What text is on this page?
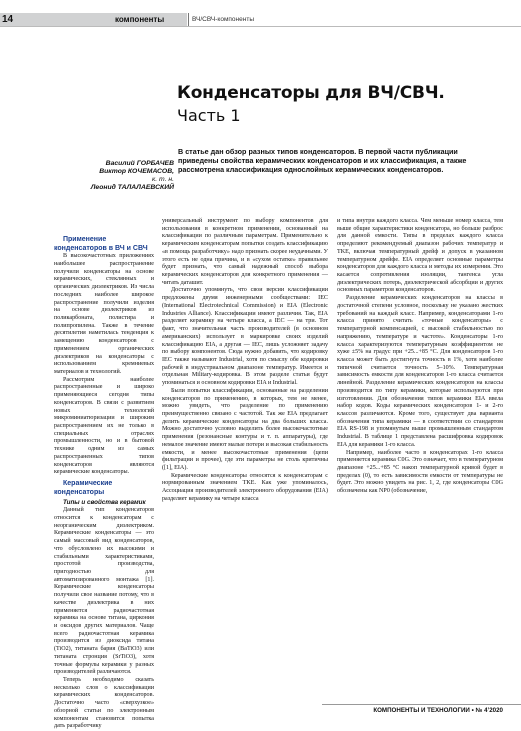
14	компоненты	ВЧ/СВЧ-компоненты
Конденсаторы для ВЧ/СВЧ.
Часть 1
Василий ГОРБАЧЕВ
Виктор КОЧЕМАСОВ,
к. т. н.
Леонид ТАЛАЛАЕВСКИЙ
В статье дан обзор разных типов конденсаторов. В первой части публикации приведены свойства керамических конденсаторов и их классификация, а также рассмотрена классификация однослойных керамических конденсаторов.

Применение конденсаторов в ВЧ и СВЧ

В высокочастотных приложениях наибольшее распространение получили конденсаторы на основе керамических, стеклянных и органических диэлектриков. Из числа последних наиболее широкое распространение получили изделия на основе диэлектриков из поликарбоната, полистира и полипропилена. Также в течение десятилетия наметилась тенденция к замещению конденсаторов с применением органических диэлектриков на конденсаторы с использованием кремниевых материалов и технологий.

Рассмотрим наиболее распространенные и широко применяющиеся сегодня типы конденсаторов. В связи с развитием новых технологий микроминиатюризации и широким распространением их не только в специальных отраслях промышленности, но и в бытовой технике одним из самых распространенных типов конденсаторов являются керамические конденсаторы.

Керамические конденсаторы

Типы и свойства керамик

Данный тип конденсаторов относится к конденсаторам с неорганическим диэлектриком. Керамические конденсаторы — это самый массовый вид конденсаторов, что обусловлено их высокими и стабильными характеристиками, простотой производства, пригодностью для автоматизированного монтажа [1]. Керамические конденсаторы получили свое название потому, что в качестве диэлектрика в них применяется радиочастотная керамика на основе титана, циркония и оксидов других материалов. Чаще всего радиочастотная керамика производится из диоксида титана (TiO2), титаната бария (BaTiO3) или титаната стронция (SrTiO3), хотя точные формулы керамики у разных производителей различаются.

Теперь необходимо сказать несколько слов о классификации керамических конденсаторов. Достаточно часто «сверхузкое» обзорной статьи по электронным компонентам становится попытка дать разработчику

универсальный инструмент по выбору компонентов для использования в конкретном применении, основанный на классификации по различным параметрам. Применительно к керамическим конденсаторам попытки создать классификацию «в помощь разработчику» надо признать скорее неудачными. У этого есть не одна причина, и в «сухом остатке» правильнее будет признать, что самый надежный способ выбора керамических конденсаторов для конкретного применения — читать даташит.

Достаточно упомянуть, что свои версии классификации предложены двумя инженерными сообществами: IEC (International Electrotechnical Commission) и EIA (Electronic Industries Alliance). Классификации имеют различия. Так, EIA разделяет керамику на четыре класса, а IEC — на три. Тот факт, что значительная часть производителей (в основном американских) использует в маркировке своих изделий классификацию EIA, а другая — IEC, лишь усложняет задачу по выбору компонентов. Сюда нужно добавить, что кодировку IEC также называют Industrial, хотя по смыслу обе кодировки рабочей в индустриальном диапазоне температур. Имеется и отдельная Military-кодировка. В этом разделе статьи будут упоминаться и основном кодировки EIA и Industrial.

Были попытки классификации, основанные на разделении конденсаторов по применению, в которых, тем не менее, можно увидеть, что разделение по применению преимущественно связано с частотой. Так же EIA предлагает делить керамические конденсаторы на два больших класса. Можно достаточно условно выделить более высокочастотные применения (резонансные контуры и т. п. аппаратуры), где немалое значение имеют малые потери и высокая стабильность емкости, и менее высокочастотные применения (цепи фильтрации и прочее), где эти параметры не столь критичны ([1], EIA).

Керамические конденсаторы относятся к конденсаторам с нормированным значением TKE. Как уже упоминалось, Ассоциация производителей электронного оборудования (EIA) разделяет керамику на четыре класса

и типа внутри каждого класса. Чем меньше номер класса, тем выше общие характеристики конденсатора, но больше разброс для данной емкости. Типы в пределах каждого класса определяют рекомендуемый диапазон рабочих температур и TKE, включая температурный дрейф и допуск в указанном температурном дрейфе. EIA определяет основные параметры конденсаторов для каждого класса и методы их измерения. Это касается сопротивления изоляции, тангенса угла диэлектрических потерь, диэлектрической абсорбции и других основных параметров конденсаторов.

Разделение керамических конденсаторов на классы в достаточной степени условное, поскольку не указано жестких требований на каждый класс. Например, конденсаторами 1-го класса принято считать «точные конденсаторы» с температурной компенсацией, с высокой стабильностью по напряжению, температуре и частоте». Конденсаторы 1-го класса характеризуются температурным коэффициентом не хуже ±5% на градус при +25...+85 °C. Для конденсаторов 1-го класса может быть достигнута точность в 1%, хотя наиболее типичной считается точность 5–10%. Температурная зависимость емкости для конденсаторов 1-го класса считается линейной. Разделение керамических конденсаторов на классы производится по типу керамики, которые используются при изготовлении. Для обозначения типов керамики EIA ввела набор кодов. Коды керамических конденсаторов 1- и 2-го классов различаются. Кроме того, существует два варианта обозначения типа керамики — в соответствии со стандартом EIA RS-198 и упомянутым выше промышленным стандартом Industrial. В таблице 1 представлена расшифровка кодировок EIA для керамики 1-го класса.

Например, наиболее часто в конденсаторах 1-го класса применяется керамика C0G. Это означает, что в температурном диапазоне +25...+85 °C накоп температурной кривой будет в пределах (0), то есть зависимости емкости от температуры не будет. Это можно увидеть на рис. 1, 2, где конденсаторы C0G обозначены как NP0 (обозначение,

КОМПОНЕНТЫ И ТЕХНОЛОГИИ • № 4’2020
